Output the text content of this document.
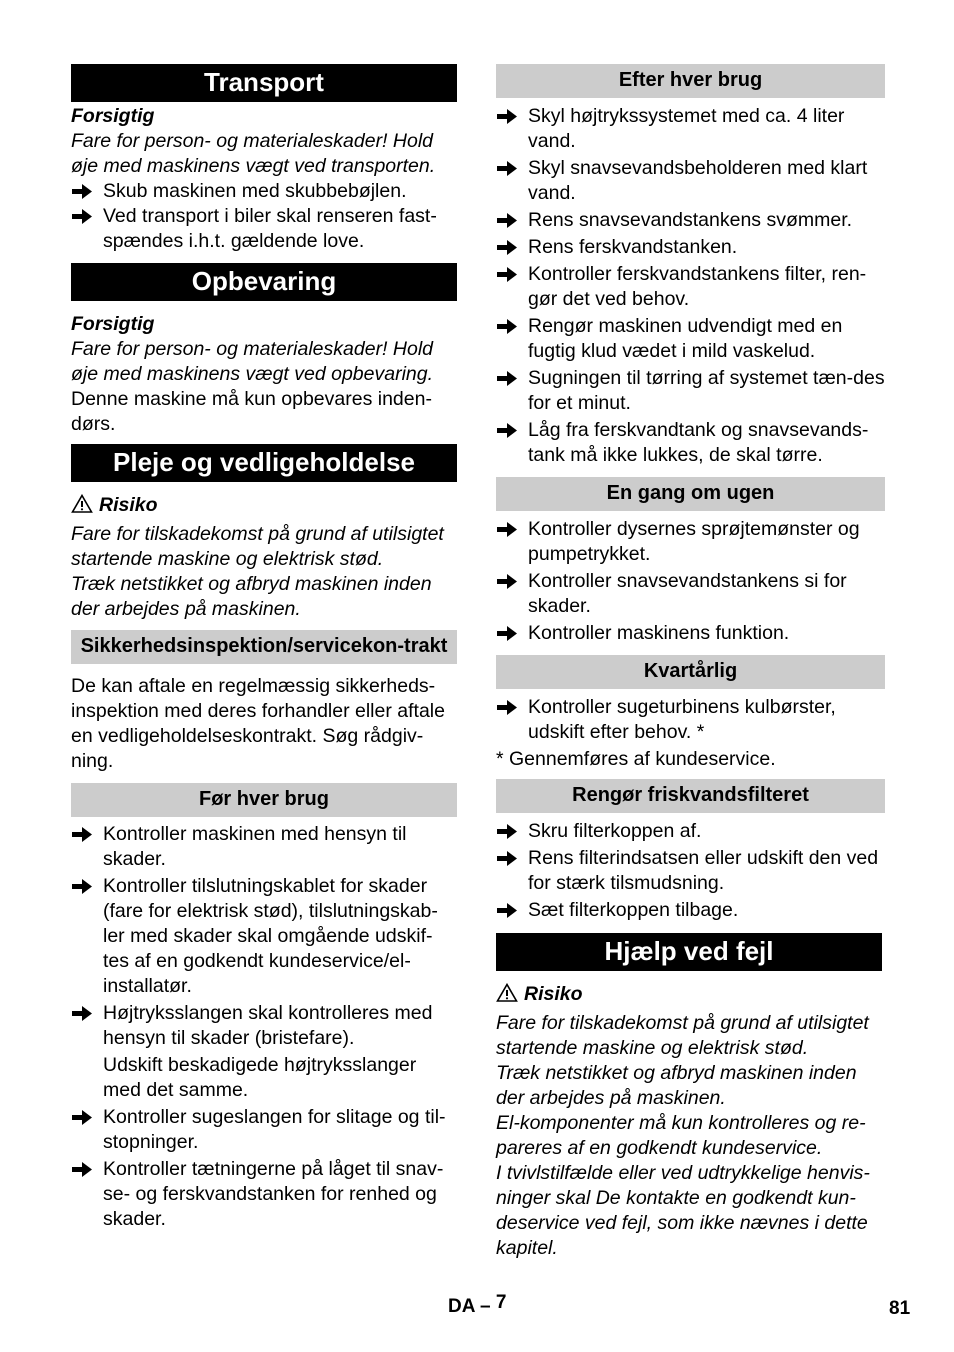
Transport
Forsigtig
Fare for person- og materialeskader! Hold øje med maskinens vægt ved transporten.
Skub maskinen med skubbebøjlen.
Ved transport i biler skal renseren fast-spændes i.h.t. gældende love.
Opbevaring
Forsigtig
Fare for person- og materialeskader! Hold øje med maskinens vægt ved opbevaring.
Denne maskine må kun opbevares inden-dørs.
Pleje og vedligeholdelse
Risiko
Fare for tilskadekomst på grund af utilsigtet startende maskine og elektrisk stød.
Træk netstikket og afbryd maskinen inden der arbejdes på maskinen.
Sikkerhedsinspektion/servicekon-trakt
De kan aftale en regelmæssig sikkerheds-inspektion med deres forhandler eller aftale en vedligeholdelseskontrakt. Søg rådgiv-ning.
Før hver brug
Kontroller maskinen med hensyn til skader.
Kontroller tilslutningskablet for skader (fare for elektrisk stød), tilslutningskab-ler med skader skal omgående udskif-tes af en godkendt kundeservice/el-installatør.
Højtryksslangen skal kontrolleres med hensyn til skader (bristefare).
Udskift beskadigede højtryksslanger med det samme.
Kontroller sugeslangen for slitage og til-stopninger.
Kontroller tætningerne på låget til snav-se- og ferskvandstanken for renhed og skader.
Efter hver brug
Skyl højtrykssystemet med ca. 4 liter vand.
Skyl snavsevandsbeholderen med klart vand.
Rens snavsevandstankens svømmer.
Rens ferskvandstanken.
Kontroller ferskvandstankens filter, ren-gør det ved behov.
Rengør maskinen udvendigt med en fugtig klud vædet i mild vaskelud.
Sugningen til tørring af systemet tæn-des for et minut.
Låg fra ferskvandtank og snavsevands-tank må ikke lukkes, de skal tørre.
En gang om ugen
Kontroller dysernes sprøjtemønster og pumpetrykket.
Kontroller snavsevandstankens si for skader.
Kontroller maskinens funktion.
Kvartårlig
Kontroller sugeturbinens kulbørster, udskift efter behov. *
* Gennemføres af kundeservice.
Rengør friskvandsfilteret
Skru filterkoppen af.
Rens filterindsatsen eller udskift den ved for stærk tilsmudsning.
Sæt filterkoppen tilbage.
Hjælp ved fejl
Risiko
Fare for tilskadekomst på grund af utilsigtet startende maskine og elektrisk stød.
Træk netstikket og afbryd maskinen inden der arbejdes på maskinen.
El-komponenter må kun kontrolleres og re-pareres af en godkendt kundeservice.
I tvivlstilfælde eller ved udtrykkelige henvis-ninger skal De kontakte en godkendt kun-deservice ved fejl, som ikke nævnes i dette kapitel.
DA – 7	81
